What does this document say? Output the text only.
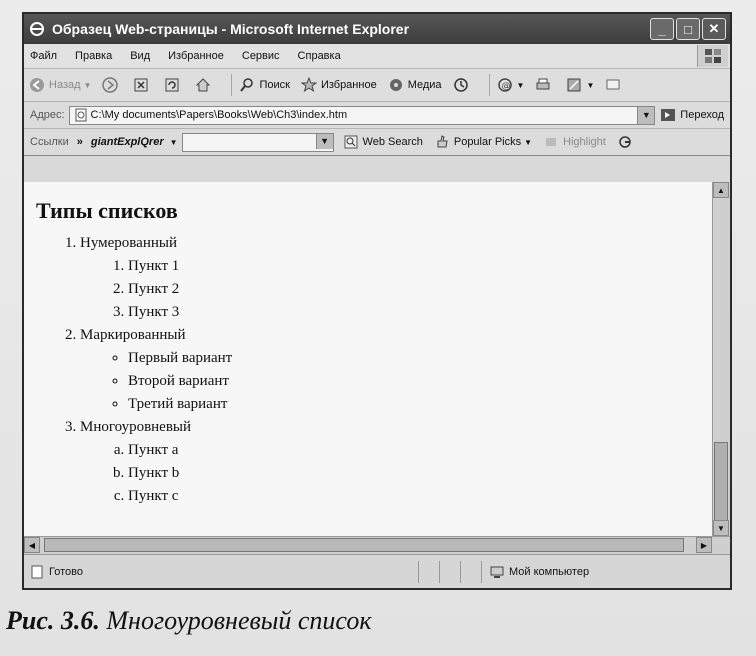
Образец Web-страницы - Microsoft Internet Explorer	_	□	✕
Файл Правка Вид Избранное Сервис Справка
Назад ▼	Поиск	Избранное	Медиа	@ ▼	▼
Адрес: C:\My documents\Papers\Books\Web\Ch3\index.htm	▼	Переход
Ссылки » giantExplQrer ▼	▼	Web Search	Popular Picks ▼	Highlight
Типы списков
1. Нумерованный
1. Пункт 1
2. Пункт 2
3. Пункт 3
2. Маркированный
◦ Первый вариант
◦ Второй вариант
◦ Третий вариант
3. Многоуровневый
a. Пункт a
b. Пункт b
c. Пункт c
▲
▼
◀	▶
Готово	Мой компьютер
Рис. 3.6. Многоуровневый список
